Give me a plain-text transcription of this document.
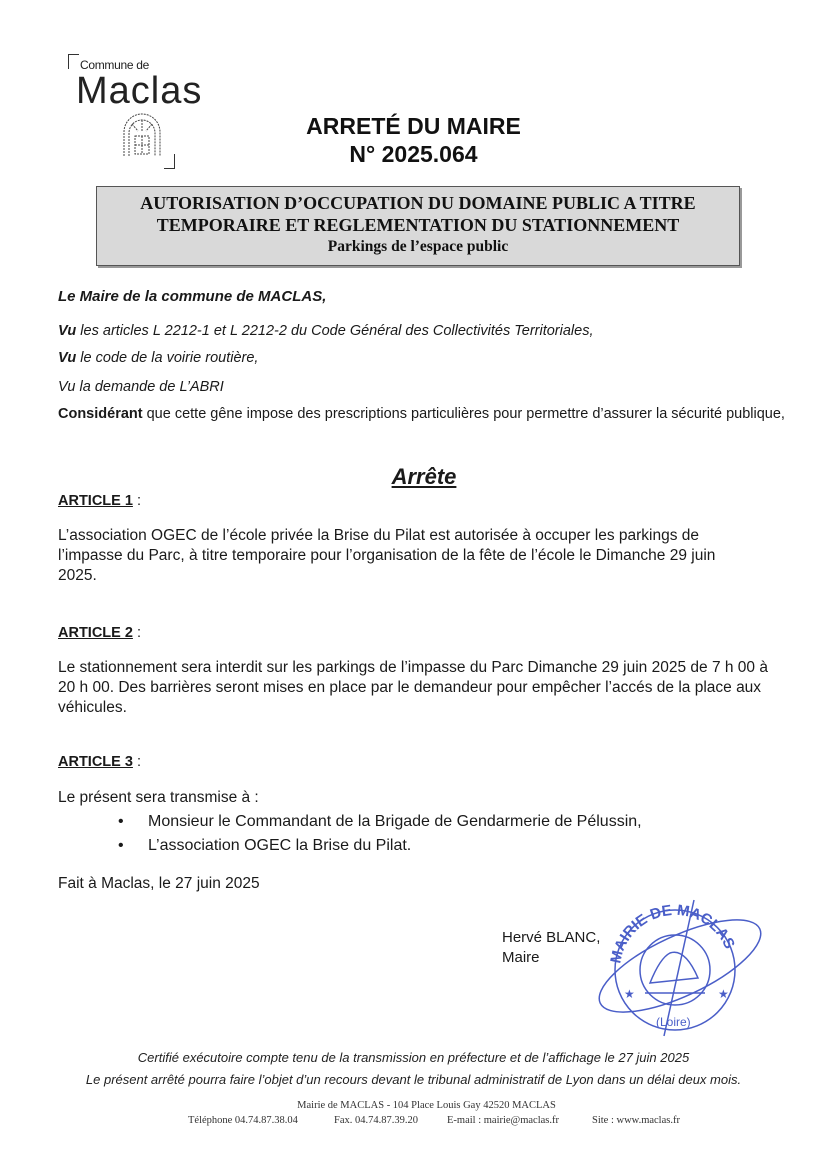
Commune de
Maclas
ARRETÉ DU MAIRE
N° 2025.064
AUTORISATION D’OCCUPATION DU DOMAINE PUBLIC A TITRE
TEMPORAIRE ET REGLEMENTATION DU STATIONNEMENT
Parkings de l’espace public
Le Maire de la commune de MACLAS,
Vu les articles L 2212-1 et L 2212-2 du Code Général des Collectivités Territoriales,
Vu le code de la voirie routière,
Vu la demande de L’ABRI
Considérant que cette gêne impose des prescriptions particulières pour permettre d’assurer la sécurité publique,
Arrête
ARTICLE 1 :
L’association OGEC de l’école privée la Brise du Pilat est autorisée à occuper les parkings de l’impasse du Parc, à titre temporaire pour l’organisation de la fête de l’école le Dimanche 29 juin 2025.
ARTICLE 2 :
Le stationnement sera interdit sur les parkings de l’impasse du Parc Dimanche 29 juin 2025 de 7 h 00 à 20 h 00. Des barrières seront mises en place par le demandeur pour empêcher l’accés de la place aux véhicules.
ARTICLE 3 :
Le présent sera transmise à :
• Monsieur le Commandant de la Brigade de Gendarmerie de Pélussin,
• L’association OGEC la Brise du Pilat.
Fait à Maclas, le 27 juin 2025
Hervé BLANC,
Maire	MAIRIE DE MACLAS
(Loire)
★	★
Certifié exécutoire compte tenu de la transmission en préfecture et de l’affichage le 27 juin 2025
Le présent arrêté pourra faire l’objet d’un recours devant le tribunal administratif de Lyon dans un délai deux mois.
Mairie de MACLAS - 104 Place Louis Gay 42520 MACLAS
Téléphone 04.74.87.38.04	Fax. 04.74.87.39.20	E-mail : mairie@maclas.fr	Site : www.maclas.fr
